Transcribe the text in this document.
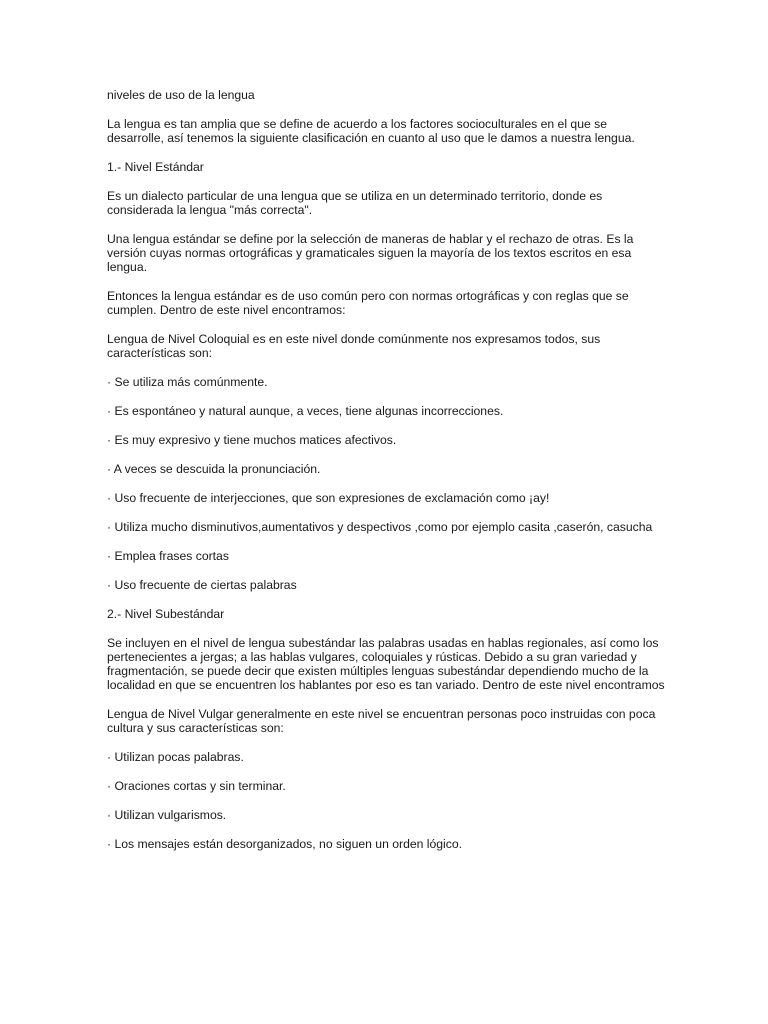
niveles de uso de la lengua

La lengua es tan amplia que se define de acuerdo a los factores socioculturales en el que se desarrolle, así tenemos la siguiente clasificación en cuanto al uso que le damos a nuestra lengua.

1.- Nivel Estándar

Es un dialecto particular de una lengua que se utiliza en un determinado territorio, donde es considerada la lengua "más correcta".

Una lengua estándar se define por la selección de maneras de hablar y el rechazo de otras. Es la versión cuyas normas ortográficas y gramaticales siguen la mayoría de los textos escritos en esa lengua.

Entonces la lengua estándar es de uso común pero con normas ortográficas y con reglas que se cumplen. Dentro de este nivel encontramos:

Lengua de Nivel Coloquial es en este nivel donde comúnmente nos expresamos todos, sus características son:

· Se utiliza más comúnmente.

· Es espontáneo y natural aunque, a veces, tiene algunas incorrecciones.

· Es muy expresivo y tiene muchos matices afectivos.

· A veces se descuida la pronunciación.

· Uso frecuente de interjecciones, que son expresiones de exclamación como ¡ay!

· Utiliza mucho disminutivos,aumentativos y despectivos ,como por ejemplo casita ,caserón, casucha

· Emplea frases cortas

· Uso frecuente de ciertas palabras

2.- Nivel Subestándar

Se incluyen en el nivel de lengua subestándar las palabras usadas en hablas regionales, así como los pertenecientes a jergas; a las hablas vulgares, coloquiales y rústicas. Debido a su gran variedad y fragmentación, se puede decir que existen múltiples lenguas subestándar dependiendo mucho de la localidad en que se encuentren los hablantes por eso es tan variado. Dentro de este nivel encontramos

Lengua de Nivel Vulgar generalmente en este nivel se encuentran personas poco instruidas con poca cultura y sus características son:

· Utilizan pocas palabras.

· Oraciones cortas y sin terminar.

· Utilizan vulgarismos.

· Los mensajes están desorganizados, no siguen un orden lógico.
